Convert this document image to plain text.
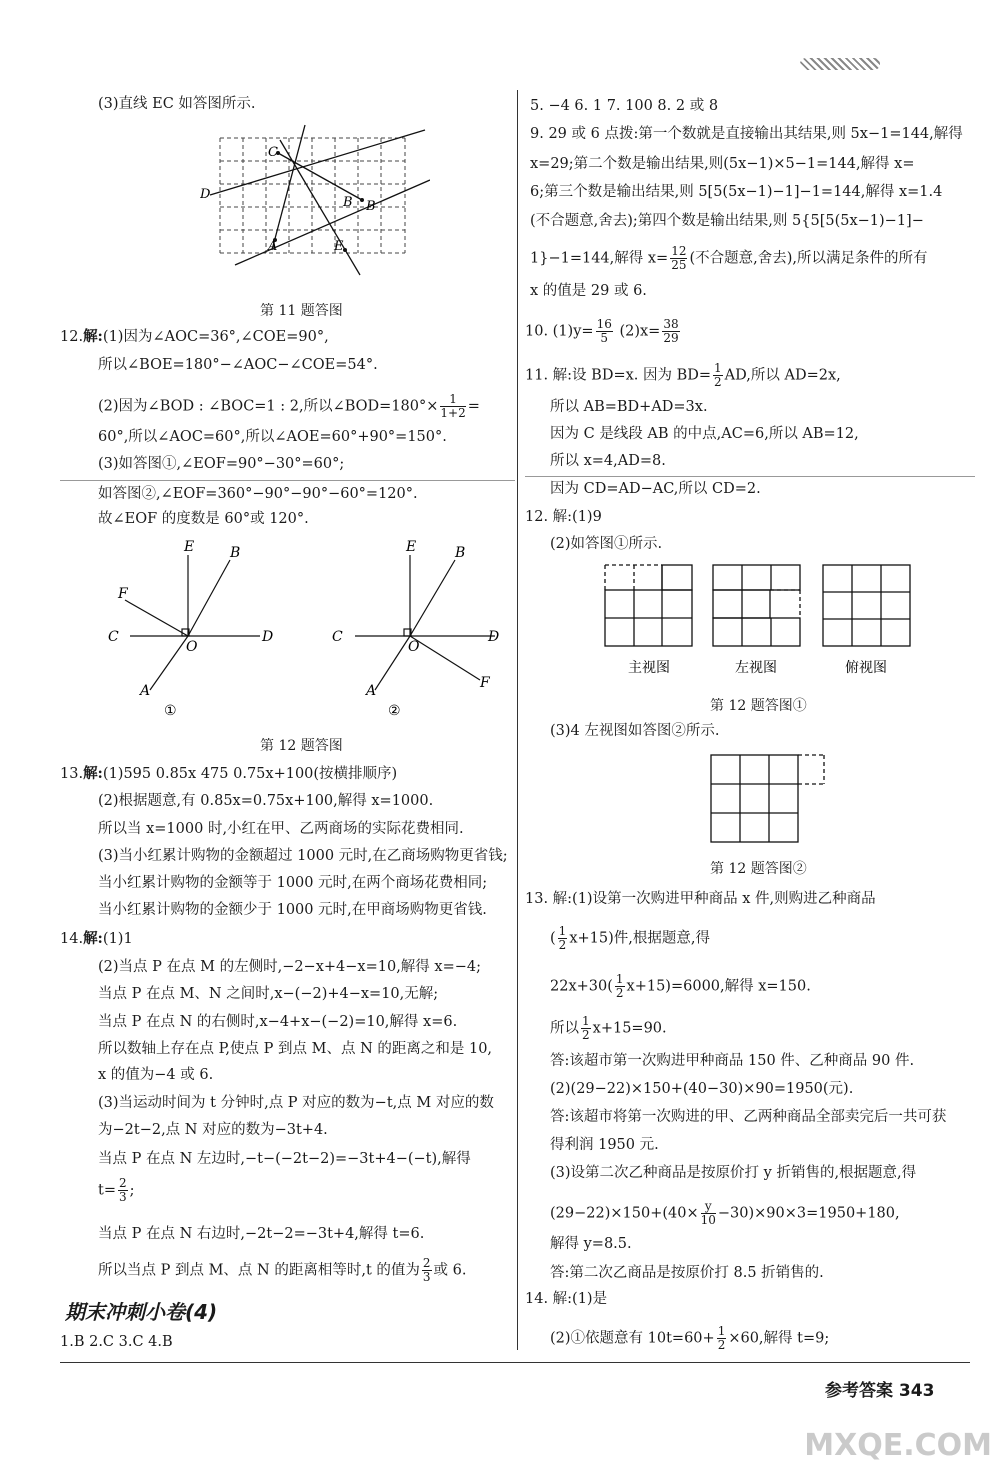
(3)直线 EC 如答图所示.
C
D
B
B
A	E
第 11 题答图
12.解:(1)因为∠AOC=36°,∠COE=90°,
所以∠BOE=180°−∠AOC−∠COE=54°.
(2)因为∠BOD : ∠BOC=1 : 2,所以∠BOD=180°× $\frac{1}{1+2}$ =
60°,所以∠AOC=60°,所以∠AOE=60°+90°=150°.
(3)如答图①,∠EOF=90°−30°=60°;
如答图②,∠EOF=360°−90°−90°−60°=120°.
故∠EOF 的度数是 60°或 120°.
E	B
F
C
O
D
A
E	B
C
O
D
F
A
①	②
第 12 题答图
13.解:(1)595 0.85x 475 0.75x+100(按横排顺序)
(2)根据题意,有 0.85x=0.75x+100,解得 x=1000.
所以当 x=1000 时,小红在甲、乙两商场的实际花费相同.
(3)当小红累计购物的金额超过 1000 元时,在乙商场购物更省钱;
当小红累计购物的金额等于 1000 元时,在两个商场花费相同;
当小红累计购物的金额少于 1000 元时,在甲商场购物更省钱.
14.解:(1)1
(2)当点 P 在点 M 的左侧时,−2−x+4−x=10,解得 x=−4;
当点 P 在点 M、N 之间时,x−(−2)+4−x=10,无解;
当点 P 在点 N 的右侧时,x−4+x−(−2)=10,解得 x=6.
所以数轴上存在点 P,使点 P 到点 M、点 N 的距离之和是 10,
x 的值为−4 或 6.
(3)当运动时间为 t 分钟时,点 P 对应的数为−t,点 M 对应的数
为−2t−2,点 N 对应的数为−3t+4.
当点 P 在点 N 左边时,−t−(−2t−2)=−3t+4−(−t),解得
$t= \frac{2}{3}$ ;
当点 P 在点 N 右边时,−2t−2=−3t+4,解得 t=6.
所以当点 P 到点 M、点 N 的距离相等时,t 的值为 $\frac{2}{3}$ 或 6.
期末冲刺小卷(4)
1.B 2.C 3.C 4.B
5. −4 6. 1 7. 100 8. 2 或 8
9. 29 或 6 点拨:第一个数就是直接输出其结果,则 5x−1=144,解得
x=29;第二个数是输出结果,则(5x−1)×5−1=144,解得 x=
6;第三个数是输出结果,则 5[5(5x−1)−1]−1=144,解得 x=1.4
(不合题意,舍去);第四个数是输出结果,则 5{5[5(5x−1)−1]−
1}−1=144,解得 $x= \frac{12}{25}$ (不合题意,舍去),所以满足条件的所有
x 的值是 29 或 6.
10. $(1)y= \frac{16}{5} (2)x= \frac{38}{29}$
11. 解:设 BD=x. 因为 $BD= \frac{1}{2}$ AD,所以 AD=2x,
所以 AB=BD+AD=3x.
因为 C 是线段 AB 的中点,AC=6,所以 AB=12,
所以 x=4,AD=8.
因为 CD=AD−AC,所以 CD=2.
12. 解:(1)9
(2)如答图①所示.
主视图	左视图	俯视图
第 12 题答图①
(3)4 左视图如答图②所示.
第 12 题答图②
13. 解:(1)设第一次购进甲种商品 x 件,则购进乙种商品
( $\frac{1}{2} x+15$)件,根据题意,得
$22x+30( \frac{1}{2} x+15)=6000$,解得 x=150.
所以 $\frac{1}{2} x+15=90$.
答:该超市第一次购进甲种商品 150 件、乙种商品 90 件.
(2)(29−22)×150+(40−30)×90=1950(元).
答:该超市将第一次购进的甲、乙两种商品全部卖完后一共可获
得利润 1950 元.
(3)设第二次乙种商品是按原价打 y 折销售的,根据题意,得
$(29-22)\times 150+(40\times \frac{y}{10} -30)\times 90\times 3=1950+180$,
解得 y=8.5.
答:第二次乙商品是按原价打 8.5 折销售的.
14. 解:(1)是
(2)①依题意有 $10t=60+ \frac{1}{2} \times 60$,解得 t=9;
参考答案 343
MXQE.COM
